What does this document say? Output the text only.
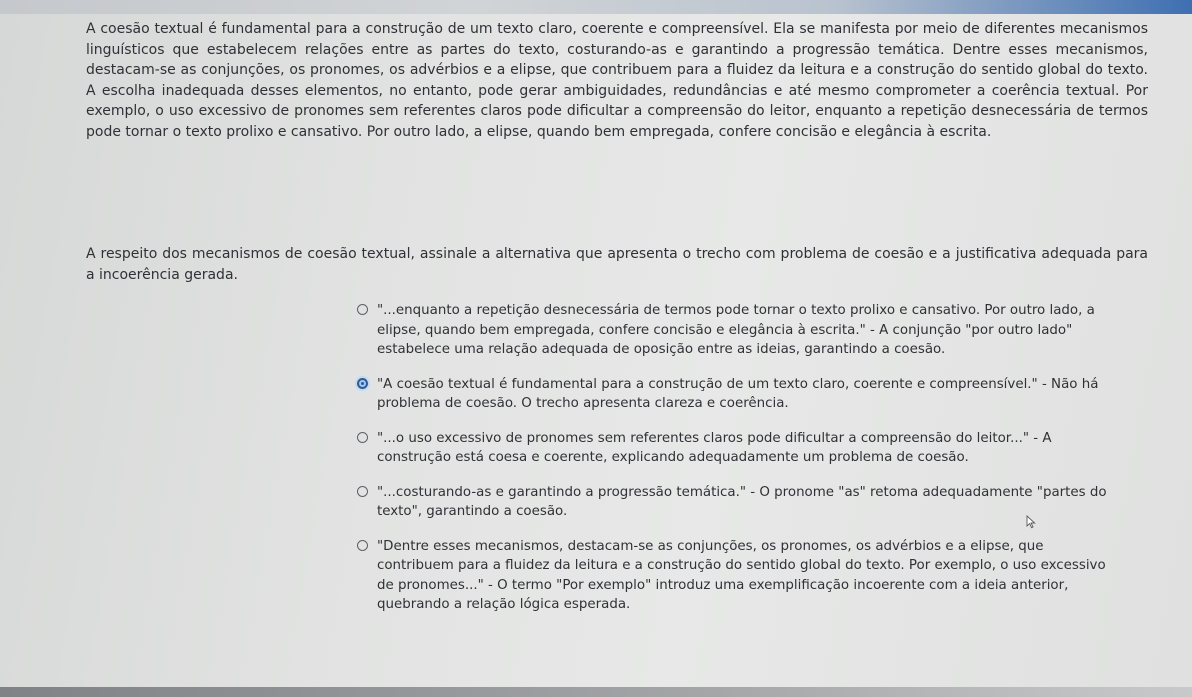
A coesão textual é fundamental para a construção de um texto claro, coerente e compreensível. Ela se manifesta por meio de diferentes mecanismos linguísticos que estabelecem relações entre as partes do texto, costurando-as e garantindo a progressão temática. Dentre esses mecanismos, destacam-se as conjunções, os pronomes, os advérbios e a elipse, que contribuem para a fluidez da leitura e a construção do sentido global do texto. A escolha inadequada desses elementos, no entanto, pode gerar ambiguidades, redundâncias e até mesmo comprometer a coerência textual. Por exemplo, o uso excessivo de pronomes sem referentes claros pode dificultar a compreensão do leitor, enquanto a repetição desnecessária de termos pode tornar o texto prolixo e cansativo. Por outro lado, a elipse, quando bem empregada, confere concisão e elegância à escrita.

A respeito dos mecanismos de coesão textual, assinale a alternativa que apresenta o trecho com problema de coesão e a justificativa adequada para a incoerência gerada.

"...enquanto a repetição desnecessária de termos pode tornar o texto prolixo e cansativo. Por outro lado, a elipse, quando bem empregada, confere concisão e elegância à escrita." - A conjunção "por outro lado" estabelece uma relação adequada de oposição entre as ideias, garantindo a coesão.
"A coesão textual é fundamental para a construção de um texto claro, coerente e compreensível." - Não há problema de coesão. O trecho apresenta clareza e coerência.
"...o uso excessivo de pronomes sem referentes claros pode dificultar a compreensão do leitor..." - A construção está coesa e coerente, explicando adequadamente um problema de coesão.
"...costurando-as e garantindo a progressão temática." - O pronome "as" retoma adequadamente "partes do texto", garantindo a coesão.
"Dentre esses mecanismos, destacam-se as conjunções, os pronomes, os advérbios e a elipse, que contribuem para a fluidez da leitura e a construção do sentido global do texto. Por exemplo, o uso excessivo de pronomes..." - O termo "Por exemplo" introduz uma exemplificação incoerente com a ideia anterior, quebrando a relação lógica esperada.
